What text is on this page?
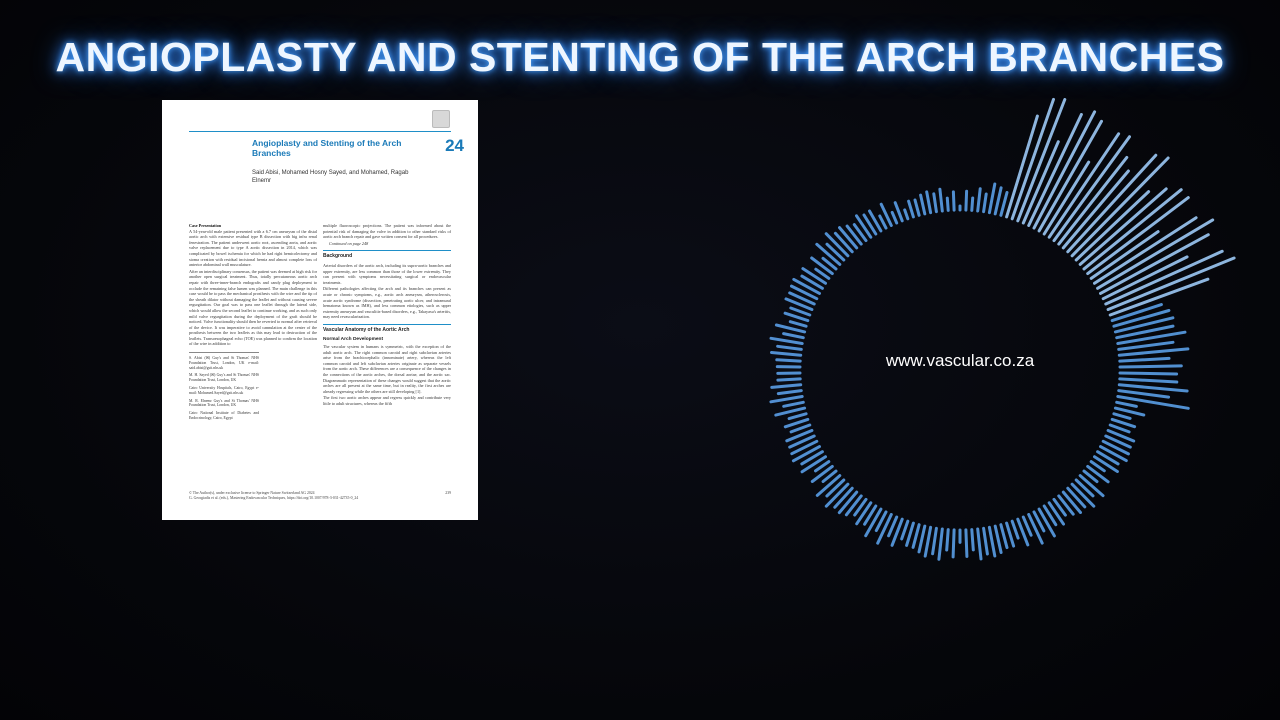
ANGIOPLASTY AND STENTING OF THE ARCH BRANCHES
Angioplasty and Stenting of the Arch Branches	24
Said Abisi, Mohamed Hosny Sayed, and Mohamed, Ragab Elnemr
Case Presentation

A 54-year-old male patient presented with a 6.7 cm aneurysm of the distal aortic arch with extensive residual type B dissection with big infra renal fenestration. The patient underwent aortic root, ascending aorta, and aortic valve replacement due to type A aortic dissection in 2014, which was complicated by bowel ischemia for which he had right hemicolectomy and stoma creation with residual incisional hernia and almost complete loss of anterior abdominal wall musculature.

After an interdisciplinary consensus, the patient was deemed at high risk for another open surgical treatment. Thus, totally percutaneous aortic arch repair with three-inner-branch endografts and candy plug deployment to occlude the remaining false lumen was planned. The main challenge in this case would be to pass the mechanical prosthesis with the wire and the tip of the sheath dilator without damaging the leaflet and without causing severe regurgitation. Our goal was to pass one leaflet through the lateral side, which would allow the second leaflet to continue working, and as such only mild valve regurgitation during the deployment of the graft should be noticed. Valve functionality should then be reverted to normal after retrieval of the device. It was imperative to avoid cannulation at the center of the prosthesis between the two leaflets as this may lead to destruction of the leaflets. Transoesophageal echo (TOE) was planned to confirm the location of the wire in addition to

S. Abisi (✉) Guy's and St Thomas' NHS Foundation Trust, London, UK e-mail: said.abisi@gstt.nhs.uk
M. H. Sayed (✉) Guy's and St Thomas' NHS Foundation Trust, London, UK
Cairo University Hospitals, Cairo, Egypt e-mail: Mohamed.Sayed@gstt.nhs.uk
M. R. Elnemr Guy's and St Thomas' NHS Foundation Trust, London, UK
Cairo National Institute of Diabetes and Endocrinology, Cairo, Egypt

multiple fluoroscopic projections. The patient was informed about the potential risk of damaging the valve in addition to other standard risks of aortic arch branch repair and gave written consent for all procedures.

Continued on page 248

Background

Arterial disorders of the aortic arch, including its supra-aortic branches and upper extremity, are less common than those of the lower extremity. They can present with symptoms necessitating surgical or endovascular treatments.

Different pathologies affecting the arch and its branches can present as acute or chronic symptoms, e.g., aortic arch aneurysm, atherosclerosis, acute aortic syndrome (dissection, penetrating aortic ulcer, and intramural hematoma known as IMH), and less common etiologies, such as upper extremity aneurysm and vasculitis-based disorders, e.g., Takayasu's arteritis, may need revascularization.

Vascular Anatomy of the Aortic Arch
Normal Arch Development

The vascular system in humans is symmetric, with the exception of the adult aortic arch. The right common carotid and right subclavian arteries arise from the brachiocephalic (innominate) artery, whereas the left common carotid and left subclavian arteries originate as separate vessels from the aortic arch. These differences are a consequence of the changes in the connections of the aortic arches, the dorsal aortae, and the aortic sac. Diagrammatic representation of these changes would suggest that the aortic arches are all present at the same time, but in reality, the first arches are already regressing while the others are still developing [1].

The first two aortic arches appear and regress quickly and contribute very little to adult structures, whereas the fifth

© The Author(s), under exclusive license to Springer Nature Switzerland AG 2024
G. Georgiadis et al. (eds.), Mastering Endovascular Techniques, https://doi.org/10.1007/978-3-031-42735-0_24
239
www.vascular.co.za
